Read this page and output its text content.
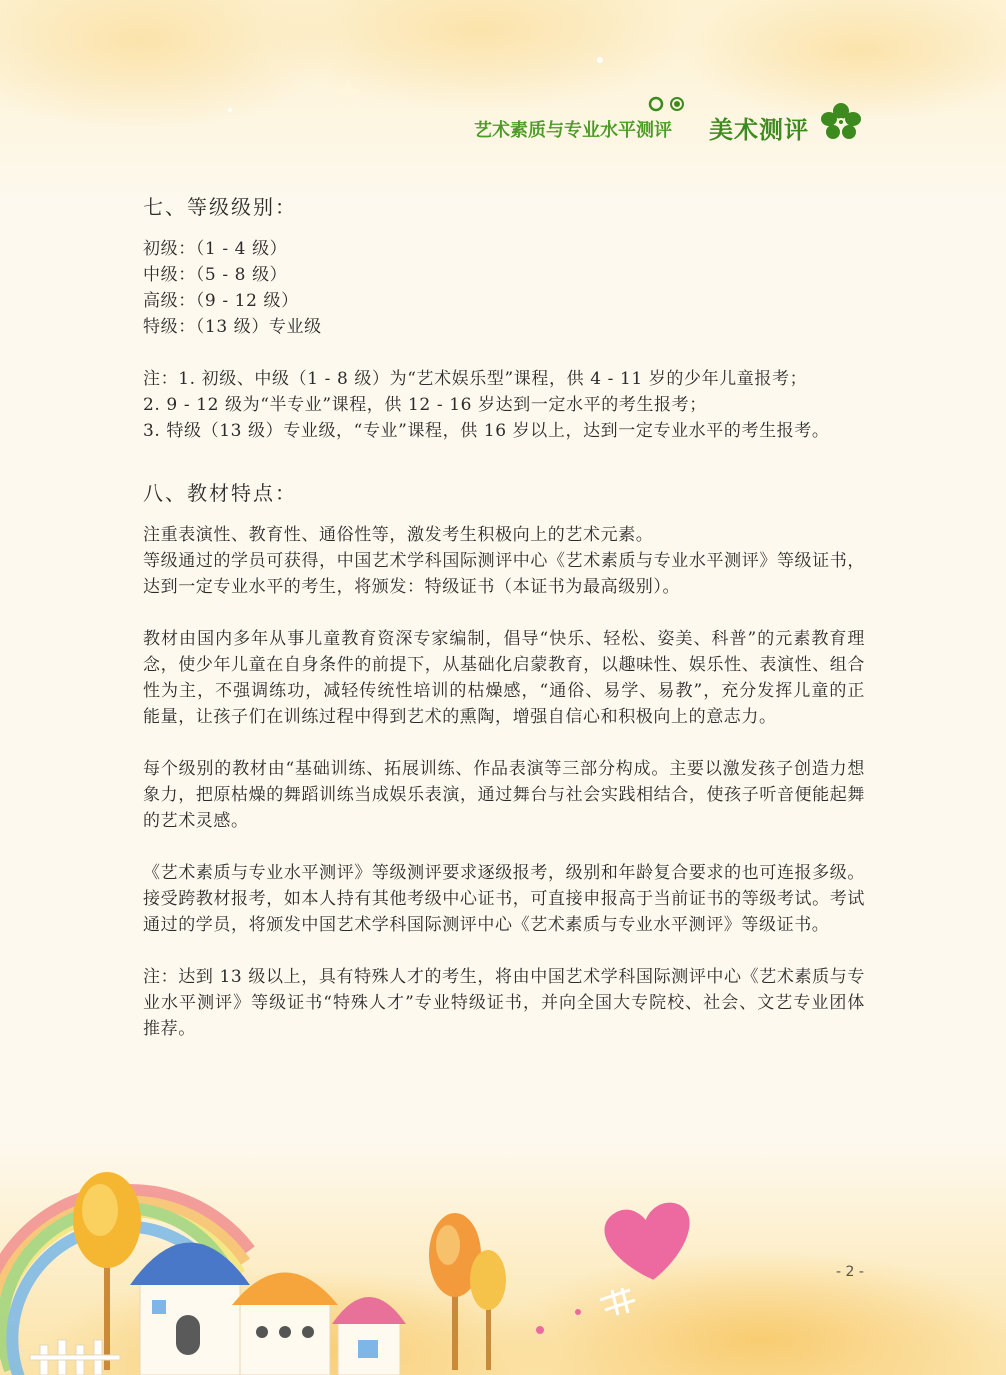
艺术素质与专业水平测评 美术测评
七、等级级别：

初级：（1 - 4 级）

中级：（5 - 8 级）

高级：（9 - 12 级）

特级：（13 级）专业级

注：1. 初级、中级（1 - 8 级）为“艺术娱乐型”课程，供 4 - 11 岁的少年儿童报考；

2. 9 - 12 级为“半专业”课程，供 12 - 16 岁达到一定水平的考生报考；

3. 特级（13 级）专业级，“专业”课程，供 16 岁以上，达到一定专业水平的考生报考。

八、教材特点：

注重表演性、教育性、通俗性等，激发考生积极向上的艺术元素。

等级通过的学员可获得，中国艺术学科国际测评中心《艺术素质与专业水平测评》等级证书，达到一定专业水平的考生，将颁发：特级证书（本证书为最高级别）。

教材由国内多年从事儿童教育资深专家编制，倡导“快乐、轻松、姿美、科普”的元素教育理念，使少年儿童在自身条件的前提下，从基础化启蒙教育，以趣味性、娱乐性、表演性、组合性为主，不强调练功，减轻传统性培训的枯燥感，“通俗、易学、易教”，充分发挥儿童的正能量，让孩子们在训练过程中得到艺术的熏陶，增强自信心和积极向上的意志力。

每个级别的教材由“基础训练、拓展训练、作品表演等三部分构成。主要以激发孩子创造力想象力，把原枯燥的舞蹈训练当成娱乐表演，通过舞台与社会实践相结合，使孩子听音便能起舞的艺术灵感。

《艺术素质与专业水平测评》等级测评要求逐级报考，级别和年龄复合要求的也可连报多级。接受跨教材报考，如本人持有其他考级中心证书，可直接申报高于当前证书的等级考试。考试通过的学员，将颁发中国艺术学科国际测评中心《艺术素质与专业水平测评》等级证书。

注：达到 13 级以上，具有特殊人才的考生，将由中国艺术学科国际测评中心《艺术素质与专业水平测评》等级证书“特殊人才”专业特级证书，并向全国大专院校、社会、文艺专业团体推荐。

- 2 -
